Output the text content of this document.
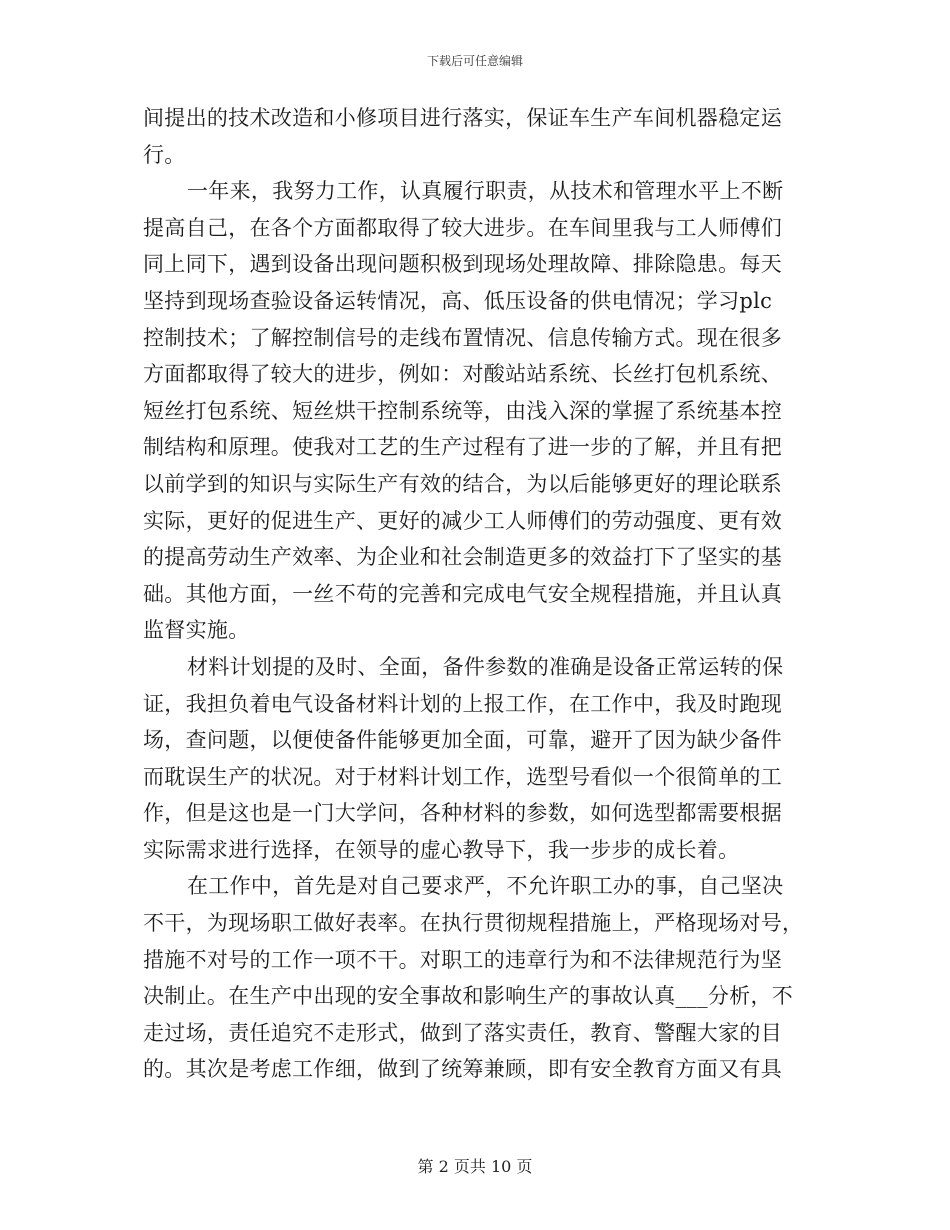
下载后可任意编辑
间提出的技术改造和小修项目进行落实，保证车生产车间机器稳定运
行。
一年来，我努力工作，认真履行职责，从技术和管理水平上不断
提高自己，在各个方面都取得了较大进步。在车间里我与工人师傅们
同上同下，遇到设备出现问题积极到现场处理故障、排除隐患。每天
坚持到现场查验设备运转情况，高、低压设备的供电情况；学习plc
控制技术；了解控制信号的走线布置情况、信息传输方式。现在很多
方面都取得了较大的进步，例如：对酸站站系统、长丝打包机系统、
短丝打包系统、短丝烘干控制系统等，由浅入深的掌握了系统基本控
制结构和原理。使我对工艺的生产过程有了进一步的了解，并且有把
以前学到的知识与实际生产有效的结合，为以后能够更好的理论联系
实际，更好的促进生产、更好的减少工人师傅们的劳动强度、更有效
的提高劳动生产效率、为企业和社会制造更多的效益打下了坚实的基
础。其他方面，一丝不苟的完善和完成电气安全规程措施，并且认真
监督实施。
材料计划提的及时、全面，备件参数的准确是设备正常运转的保
证，我担负着电气设备材料计划的上报工作，在工作中，我及时跑现
场，查问题，以便使备件能够更加全面，可靠，避开了因为缺少备件
而耽误生产的状况。对于材料计划工作，选型号看似一个很简单的工
作，但是这也是一门大学问，各种材料的参数，如何选型都需要根据
实际需求进行选择，在领导的虚心教导下，我一步步的成长着。
在工作中，首先是对自己要求严，不允许职工办的事，自己坚决
不干，为现场职工做好表率。在执行贯彻规程措施上，严格现场对号，
措施不对号的工作一项不干。对职工的违章行为和不法律规范行为坚
决制止。在生产中出现的安全事故和影响生产的事故认真___分析，不
走过场，责任追究不走形式，做到了落实责任，教育、警醒大家的目
的。其次是考虑工作细，做到了统筹兼顾，即有安全教育方面又有具
第 2 页共 10 页
